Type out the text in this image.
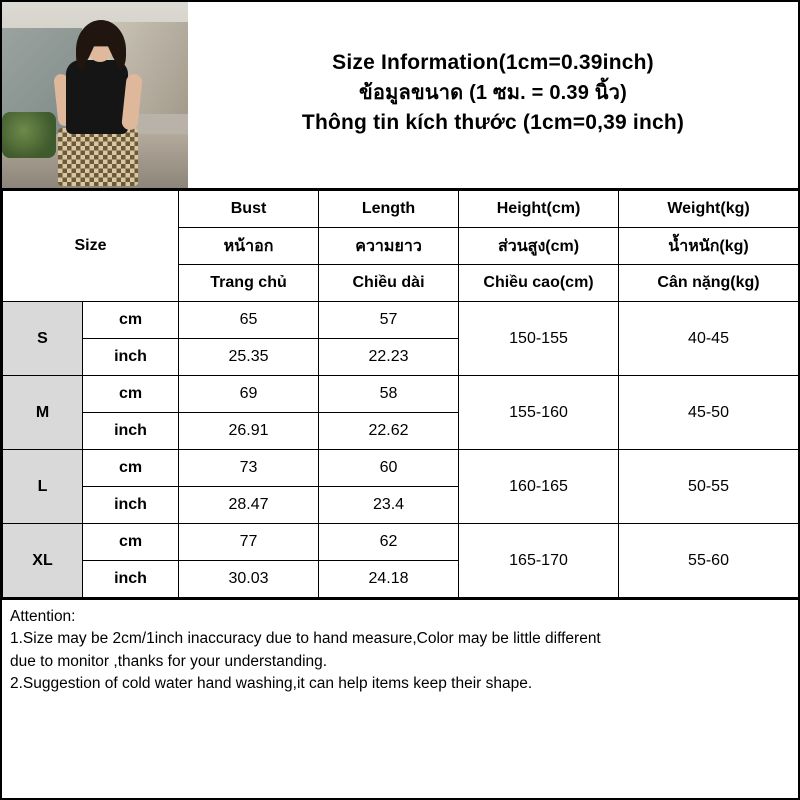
Size Information(1cm=0.39inch)
ข้อมูลขนาด (1 ซม. = 0.39 นิ้ว)
Thông tin kích thước (1cm=0,39 inch)
Size		Bust	Length	Height(cm)	Weight(kg)
		หน้าอก	ความยาว	ส่วนสูง(cm)	น้ำหนัก(kg)
		Trang chủ	Chiều dài	Chiều cao(cm)	Cân nặng(kg)
S	cm	65	57	150-155	40-45
	inch	25.35	22.23		
M	cm	69	58	155-160	45-50
	inch	26.91	22.62		
L	cm	73	60	160-165	50-55
	inch	28.47	23.4		
XL	cm	77	62	165-170	55-60
	inch	30.03	24.18		

Attention:

1.Size may be 2cm/1inch inaccuracy due to hand measure,Color may be little different

due to monitor ,thanks for your understanding.

2.Suggestion of cold water hand washing,it can help items keep their shape.
